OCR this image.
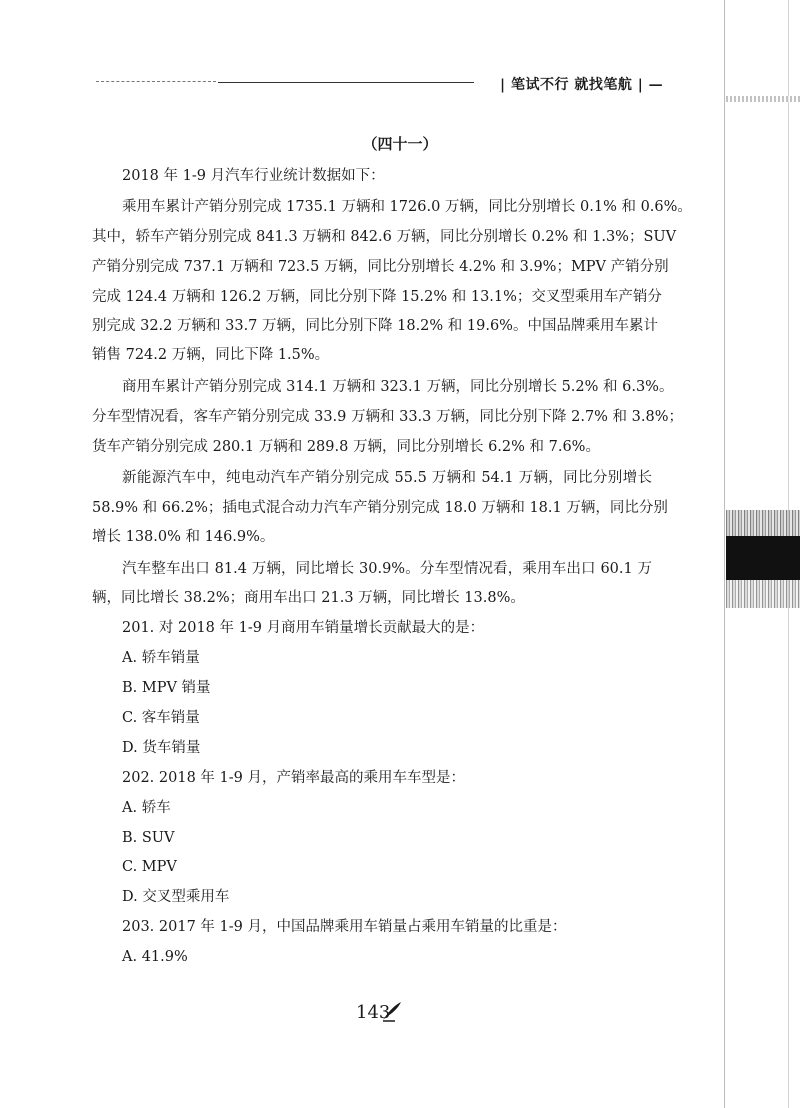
| 笔试不行 就找笔航 | —
（四十一）
2018 年 1-9 月汽车行业统计数据如下：
乘用车累计产销分别完成 1735.1 万辆和 1726.0 万辆，同比分别增长 0.1% 和 0.6%。
其中，轿车产销分别完成 841.3 万辆和 842.6 万辆，同比分别增长 0.2% 和 1.3%；SUV
产销分别完成 737.1 万辆和 723.5 万辆，同比分别增长 4.2% 和 3.9%；MPV 产销分别
完成 124.4 万辆和 126.2 万辆，同比分别下降 15.2% 和 13.1%；交叉型乘用车产销分
别完成 32.2 万辆和 33.7 万辆，同比分别下降 18.2% 和 19.6%。中国品牌乘用车累计
销售 724.2 万辆，同比下降 1.5%。
商用车累计产销分别完成 314.1 万辆和 323.1 万辆，同比分别增长 5.2% 和 6.3%。
分车型情况看，客车产销分别完成 33.9 万辆和 33.3 万辆，同比分别下降 2.7% 和 3.8%；
货车产销分别完成 280.1 万辆和 289.8 万辆，同比分别增长 6.2% 和 7.6%。
新能源汽车中，纯电动汽车产销分别完成 55.5 万辆和 54.1 万辆，同比分别增长
58.9% 和 66.2%；插电式混合动力汽车产销分别完成 18.0 万辆和 18.1 万辆，同比分别
增长 138.0% 和 146.9%。
汽车整车出口 81.4 万辆，同比增长 30.9%。分车型情况看，乘用车出口 60.1 万
辆，同比增长 38.2%；商用车出口 21.3 万辆，同比增长 13.8%。
201. 对 2018 年 1-9 月商用车销量增长贡献最大的是：
A. 轿车销量
B. MPV 销量
C. 客车销量
D. 货车销量
202. 2018 年 1-9 月，产销率最高的乘用车车型是：
A. 轿车
B. SUV
C. MPV
D. 交叉型乘用车
203. 2017 年 1-9 月，中国品牌乘用车销量占乘用车销量的比重是：
A. 41.9%
143
